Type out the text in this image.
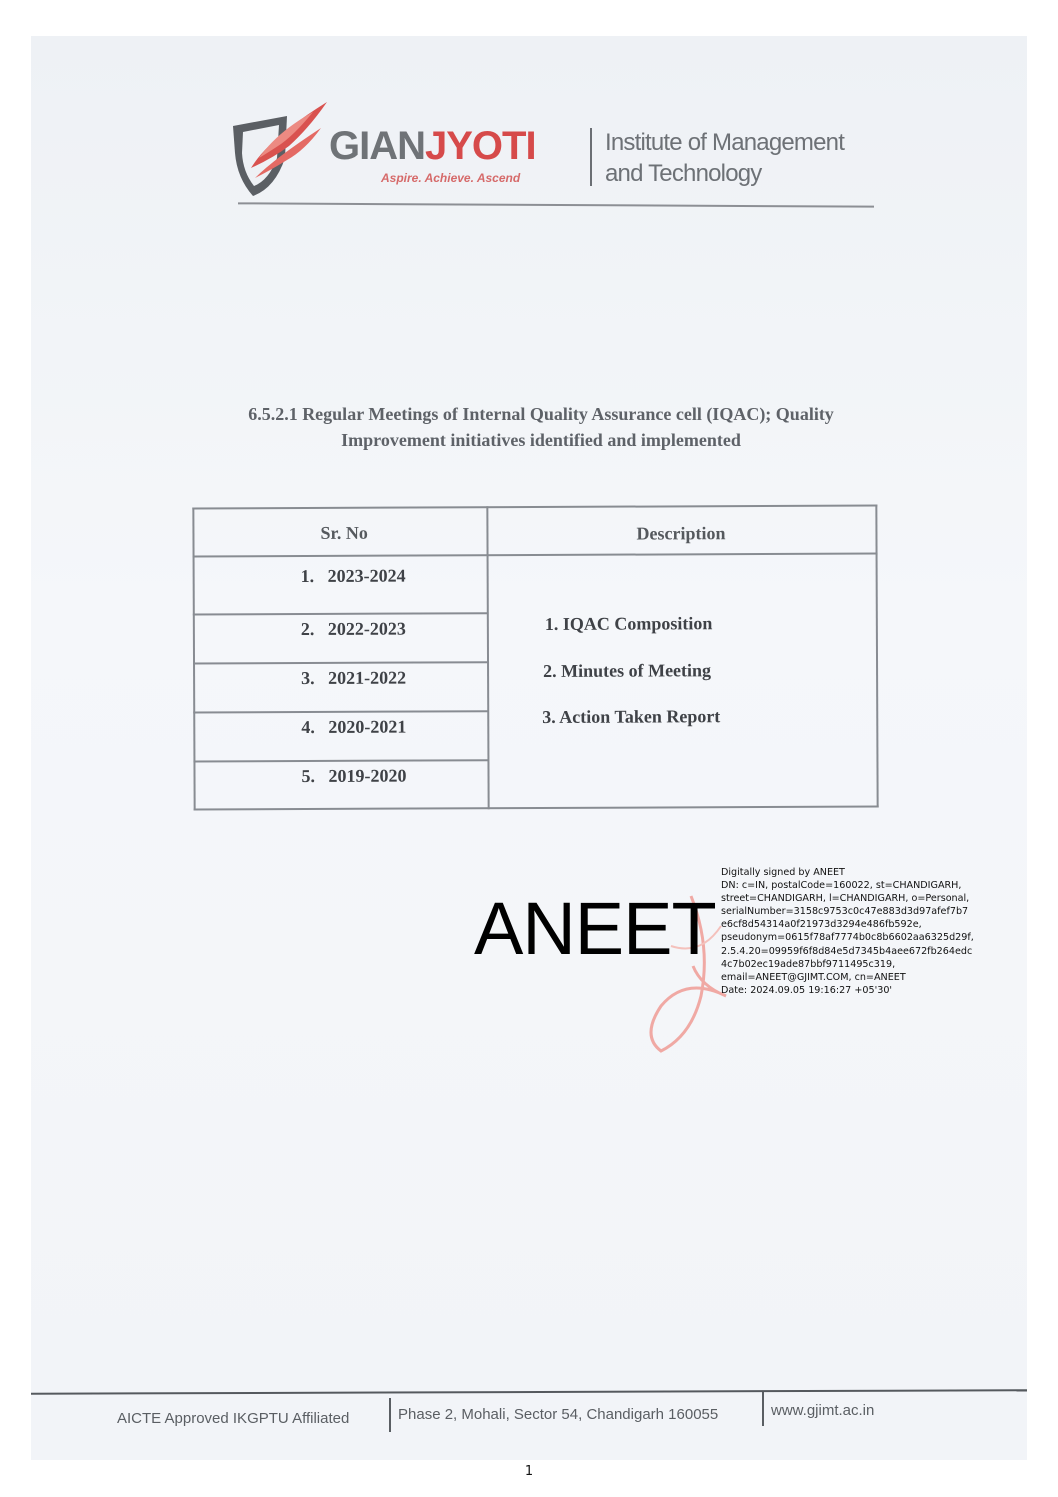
GIANJYOTI
Aspire. Achieve. Ascend
Institute of Management
and Technology
6.5.2.1 Regular Meetings of Internal Quality Assurance cell (IQAC); Quality
Improvement initiatives identified and implemented
Sr. No	Description
1.   2023-2024
2.   2022-2023
3.   2021-2022
4.   2020-2021
5.   2019-2020
1. IQAC Composition
2. Minutes of Meeting
3. Action Taken Report
ANEET
Digitally signed by ANEET
DN: c=IN, postalCode=160022, st=CHANDIGARH,
street=CHANDIGARH, l=CHANDIGARH, o=Personal,
serialNumber=3158c9753c0c47e883d3d97afef7b7
e6cf8d54314a0f21973d3294e486fb592e,
pseudonym=0615f78af7774b0c8b6602aa6325d29f,
2.5.4.20=09959f6f8d84e5d7345b4aee672fb264edc
4c7b02ec19ade87bbf9711495c319,
email=ANEET@GJIMT.COM, cn=ANEET
Date: 2024.09.05 19:16:27 +05'30'
AICTE Approved IKGPTU Affiliated	Phase 2, Mohali, Sector 54, Chandigarh 160055	www.gjimt.ac.in
1
